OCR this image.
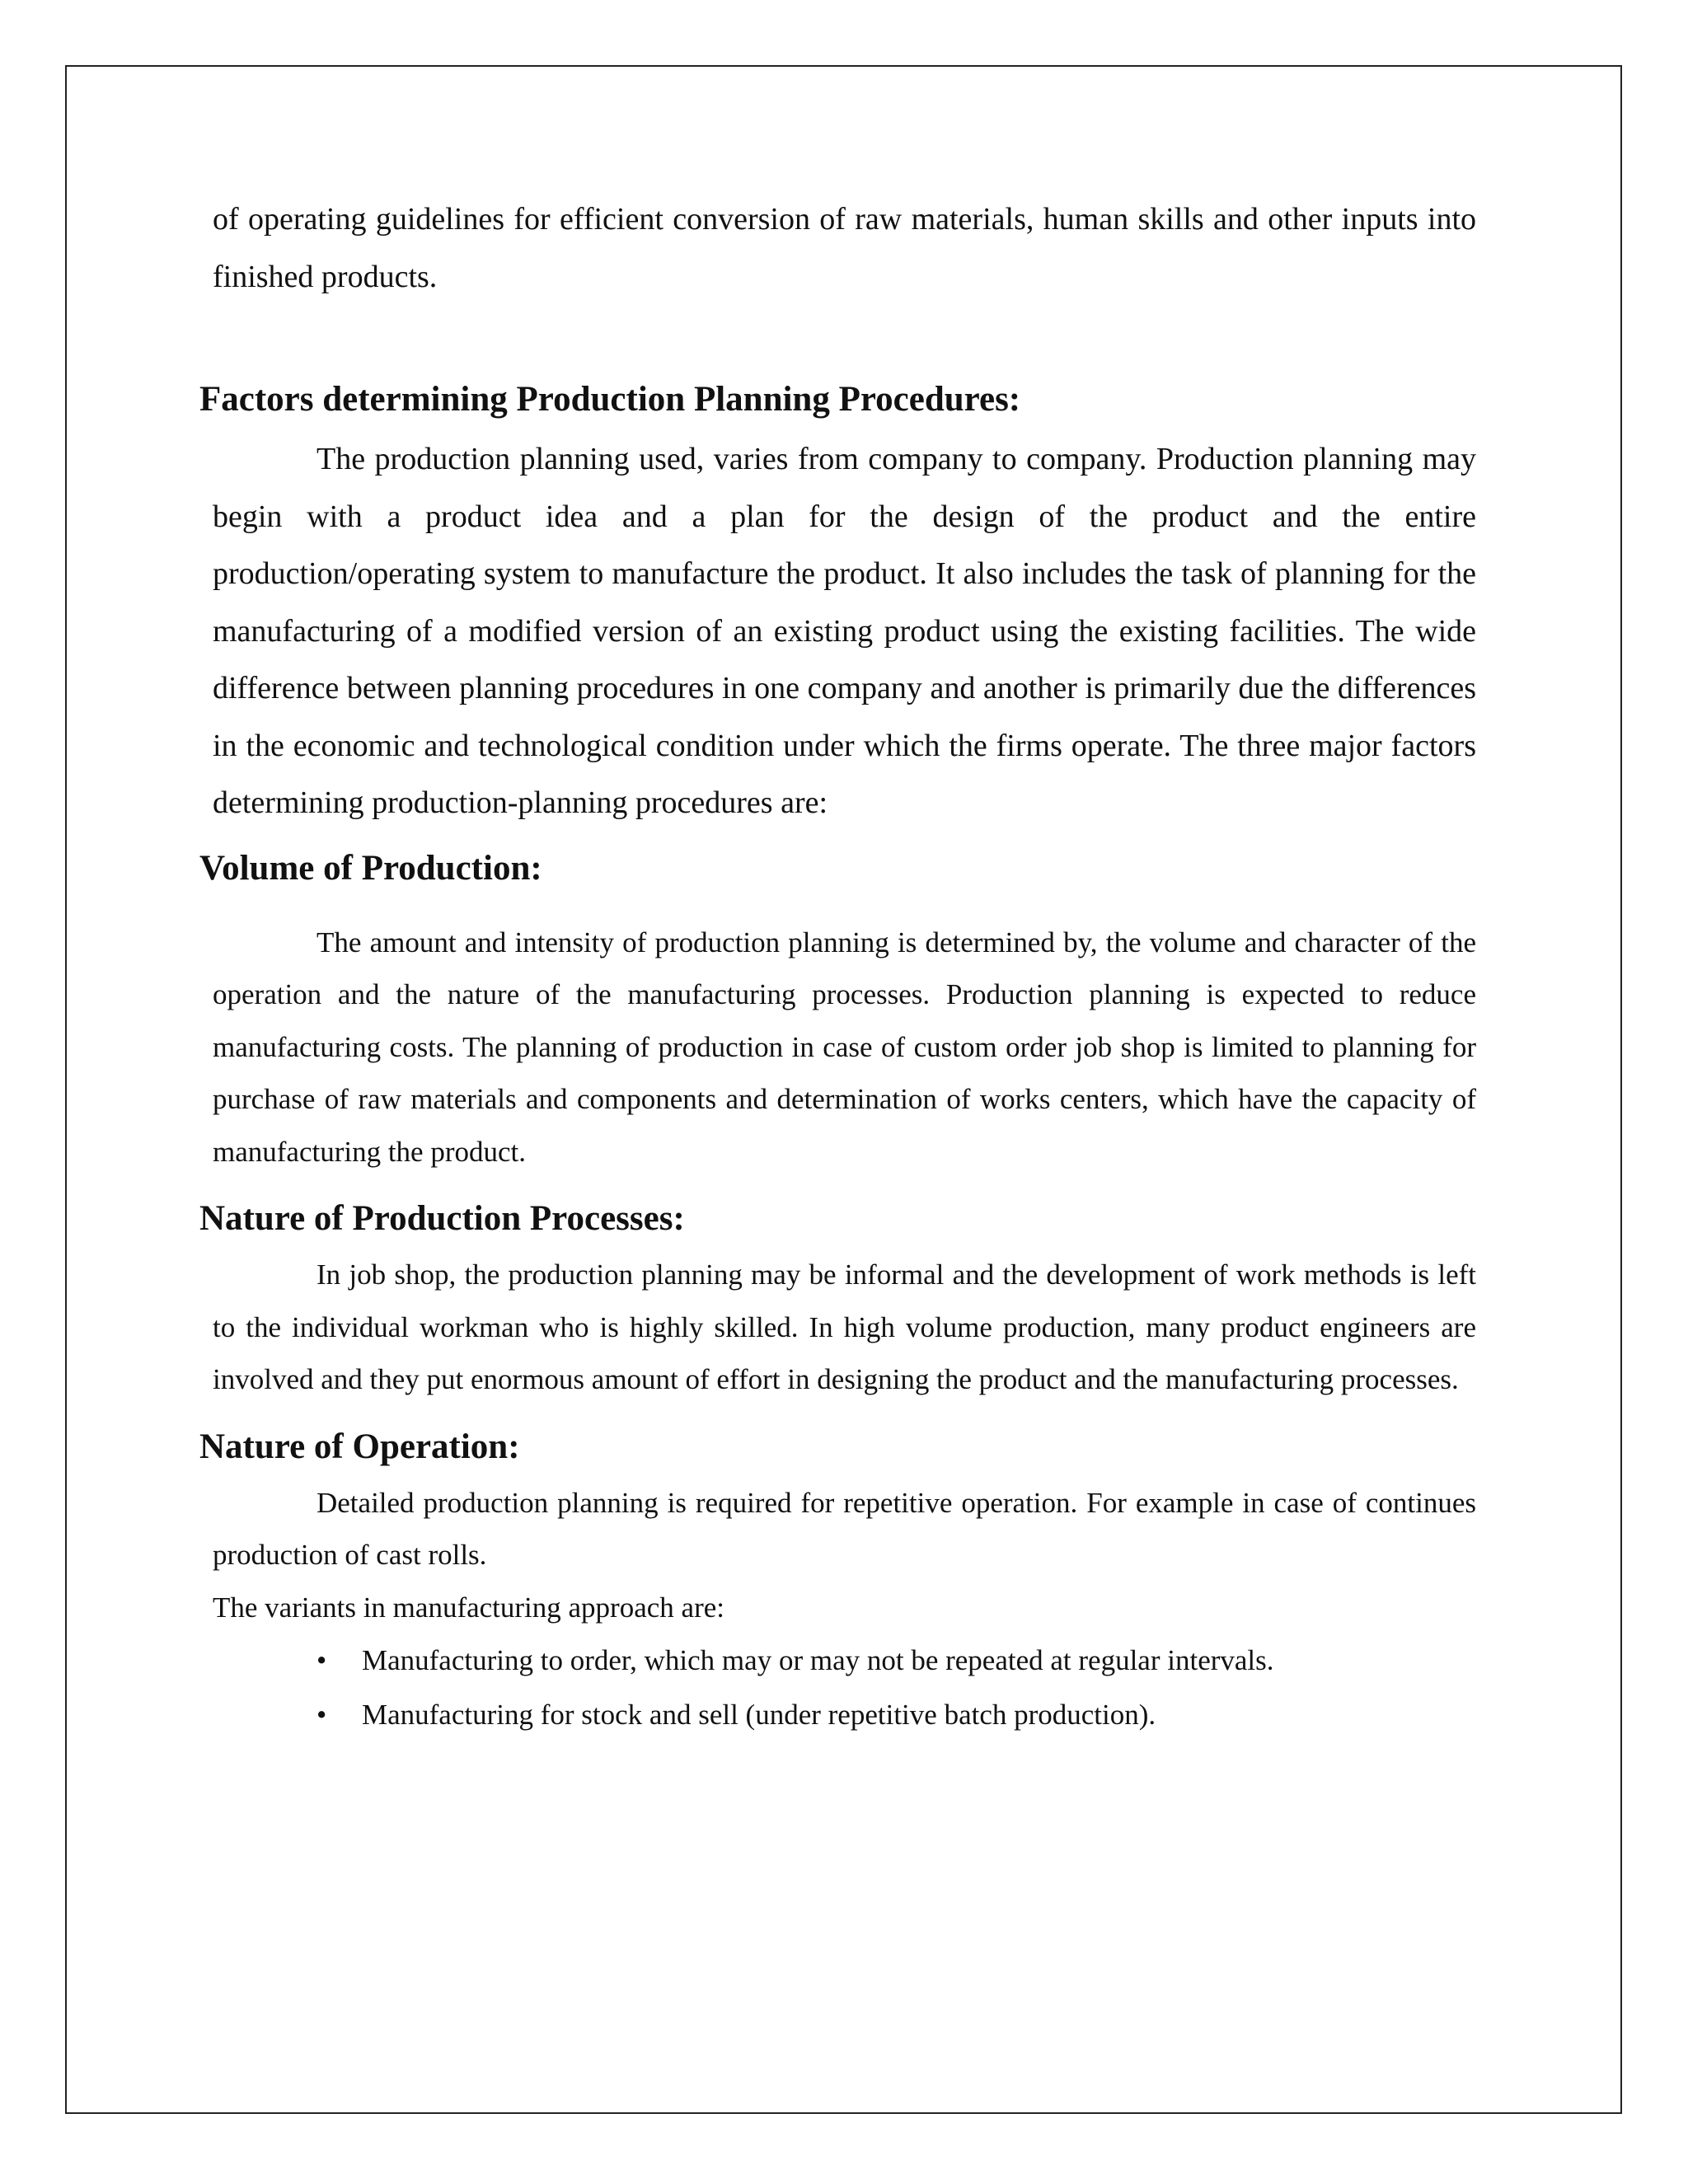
of operating guidelines for efficient conversion of raw materials, human skills and other inputs into finished products.

Factors determining Production Planning Procedures:

The production planning used, varies from company to company. Production planning may begin with a product idea and a plan for the design of the product and the entire production/operating system to manufacture the product. It also includes the task of planning for the manufacturing of a modified version of an existing product using the existing facilities. The wide difference between planning procedures in one company and another is primarily due the differences in the economic and technological condition under which the firms operate. The three major factors determining production-planning procedures are:

Volume of Production:

The amount and intensity of production planning is determined by, the volume and character of the operation and the nature of the manufacturing processes. Production planning is expected to reduce manufacturing costs. The planning of production in case of custom order job shop is limited to planning for purchase of raw materials and components and determination of works centers, which have the capacity of manufacturing the product.

Nature of Production Processes:

In job shop, the production planning may be informal and the development of work methods is left to the individual workman who is highly skilled. In high volume production, many product engineers are involved and they put enormous amount of effort in designing the product and the manufacturing processes.

Nature of Operation:

Detailed production planning is required for repetitive operation. For example in case of continues production of cast rolls.

The variants in manufacturing approach are:

• Manufacturing to order, which may or may not be repeated at regular intervals.
• Manufacturing for stock and sell (under repetitive batch production).
